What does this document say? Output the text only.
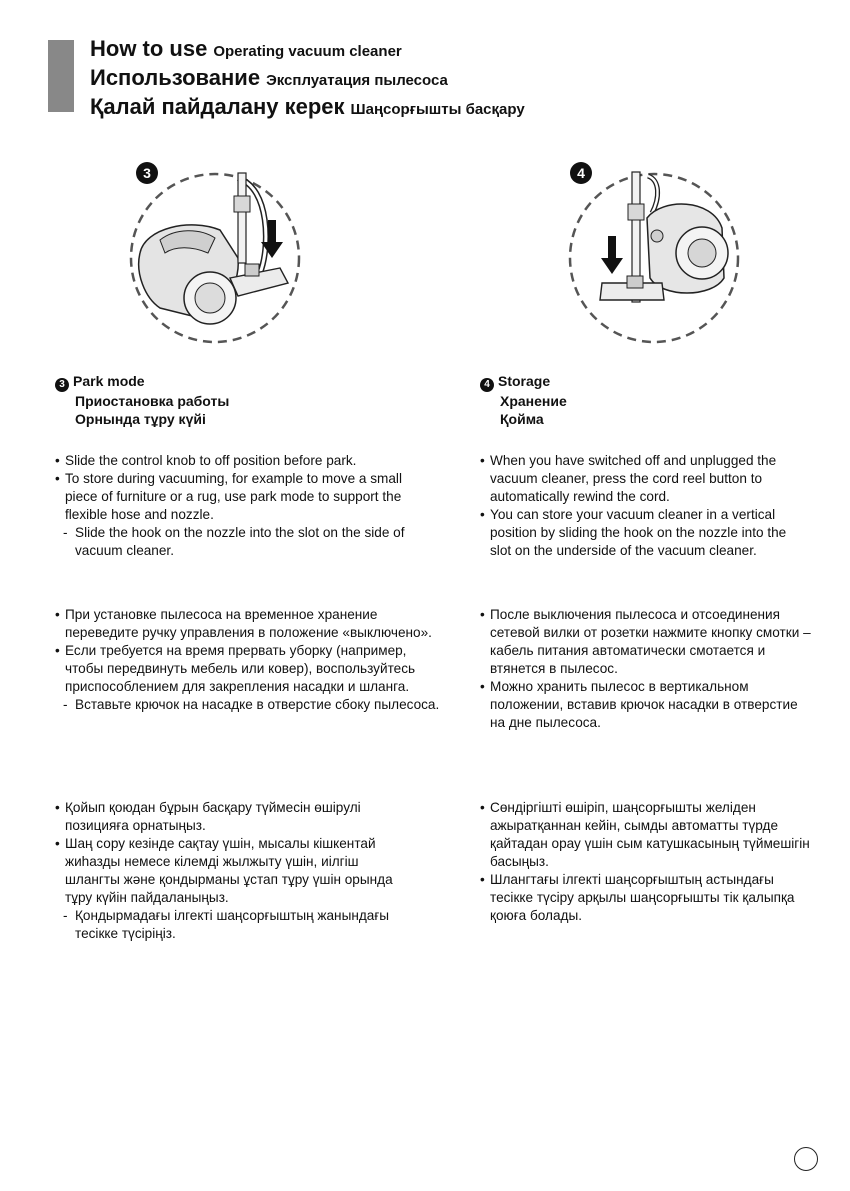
How to use Operating vacuum cleaner
Использование Эксплуатация пылесоса
Қалай пайдалану керек Шаңсорғышты басқару
3	4
3 Park mode
Приостановка работы
Орнында тұру күйі
• Slide the control knob to off position before park.
• To store during vacuuming, for example to move a small piece of furniture or a rug, use park mode to support the flexible hose and nozzle.
- Slide the hook on the nozzle into the slot on the side of vacuum cleaner.
• При установке пылесоса на временное хранение переведите ручку управления в положение «выключено».
• Если требуется на время прервать уборку (например, чтобы передвинуть мебель или ковер), воспользуйтесь приспособлением для закрепления насадки и шланга.
- Вставьте крючок на насадке в отверстие сбоку пылесоса.
• Қойып қоюдан бұрын басқару түймесін өшірулі позицияға орнатыңыз.
• Шаң сору кезінде сақтау үшін, мысалы кішкентай жиһазды немесе кілемді жылжыту үшін, иілгіш шлангты және қондырманы ұстап тұру үшін орында тұру күйін пайдаланыңыз.
- Қондырмадағы ілгекті шаңсорғыштың жанындағы тесікке түсіріңіз.
4 Storage
Хранение
Қойма
• When you have switched off and unplugged the vacuum cleaner, press the cord reel button to automatically rewind the cord.
• You can store your vacuum cleaner in a vertical position by sliding the hook on the nozzle into the slot on the underside of the vacuum cleaner.
• После выключения пылесоса и отсоединения сетевой вилки от розетки нажмите кнопку смотки – кабель питания автоматически смотается и втянется в пылесос.
• Можно хранить пылесос в вертикальном положении, вставив крючок насадки в отверстие на дне пылесоса.
• Сөндіргішті өшіріп, шаңсорғышты желіден ажыратқаннан кейін, сымды автоматты түрде қайтадан орау үшін сым катушкасының түймешігін басыңыз.
• Шлангтағы ілгекті шаңсорғыштың астындағы тесікке түсіру арқылы шаңсорғышты тік қалыпқа қоюға болады.
